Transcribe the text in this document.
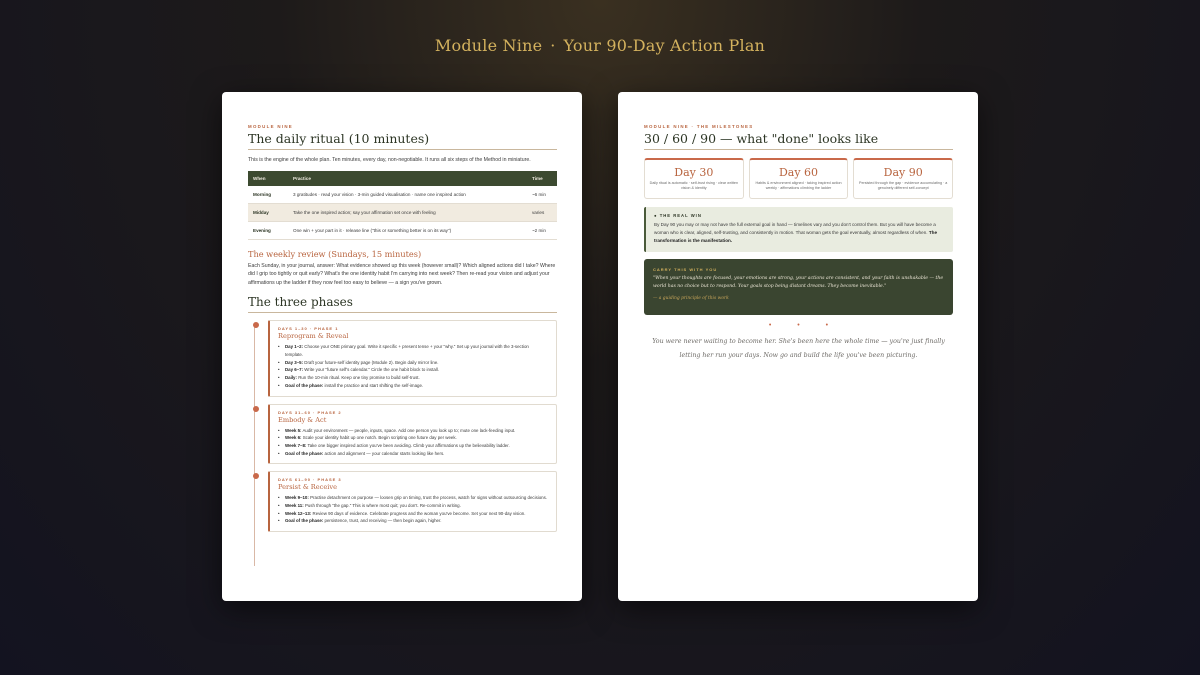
Module Nine · Your 90-Day Action Plan
MODULE NINE
The daily ritual (10 minutes)
This is the engine of the whole plan. Ten minutes, every day, non-negotiable. It runs all six steps of the Method in miniature.
When	Practice	Time
Morning	3 gratitudes · read your vision · 3-min guided visualisation · name one inspired action	~6 min
Midday	Take the one inspired action; say your affirmation set once with feeling	varies
Evening	One win + your part in it · release line ("this or something better is on its way")	~2 min
The weekly review (Sundays, 15 minutes)
Each Sunday, in your journal, answer: What evidence showed up this week (however small)? Which aligned actions did I take? Where did I grip too tightly or quit early? What's the one identity habit I'm carrying into next week? Then re-read your vision and adjust your affirmations up the ladder if they now feel too easy to believe — a sign you've grown.
The three phases
DAYS 1–30 · PHASE 1
Reprogram & Reveal
• Day 1–2: Choose your ONE primary goal. Write it specific + present tense + your "why." Set up your journal with the 3-section template.
• Day 3–5: Draft your future-self identity page (Module 2). Begin daily mirror line.
• Day 6–7: Write your "future self's calendar." Circle the one habit block to install.
• Daily: Run the 10-min ritual. Keep one tiny promise to build self-trust.
• Goal of the phase: install the practice and start shifting the self-image.
DAYS 31–60 · PHASE 2
Embody & Act
• Week 5: Audit your environment — people, inputs, space. Add one person you look up to; mute one lack-feeding input.
• Week 6: Scale your identity habit up one notch. Begin scripting one future day per week.
• Week 7–8: Take one bigger inspired action you've been avoiding. Climb your affirmations up the believability ladder.
• Goal of the phase: action and alignment — your calendar starts looking like hers.
DAYS 61–90 · PHASE 3
Persist & Receive
• Week 9–10: Practise detachment on purpose — loosen grip on timing, trust the process, watch for signs without outsourcing decisions.
• Week 11: Push through "the gap." This is where most quit; you don't. Re-commit in writing.
• Week 12–13: Review 90 days of evidence. Celebrate progress and the woman you've become. Set your next 90-day vision.
• Goal of the phase: persistence, trust, and receiving — then begin again, higher.
MODULE NINE · THE MILESTONES
30 / 60 / 90 — what "done" looks like
Day 30
Daily ritual is automatic · self-trust rising · clear written vision & identity
Day 60
Habits & environment aligned · taking inspired action weekly · affirmations climbing the ladder
Day 90
Persisted through the gap · evidence accumulating · a genuinely different self-concept
● THE REAL WIN
By Day 90 you may or may not have the full external goal in hand — timelines vary and you don't control them. But you will have become a woman who is clear, aligned, self-trusting, and consistently in motion. That woman gets the goal eventually, almost regardless of when. The transformation is the manifestation.
CARRY THIS WITH YOU
"When your thoughts are focused, your emotions are strong, your actions are consistent, and your faith is unshakable — the world has no choice but to respond. Your goals stop being distant dreams. They become inevitable."
— a guiding principle of this work
• • •
You were never waiting to become her. She's been here the whole time — you're just finally letting her run your days. Now go and build the life you've been picturing.
